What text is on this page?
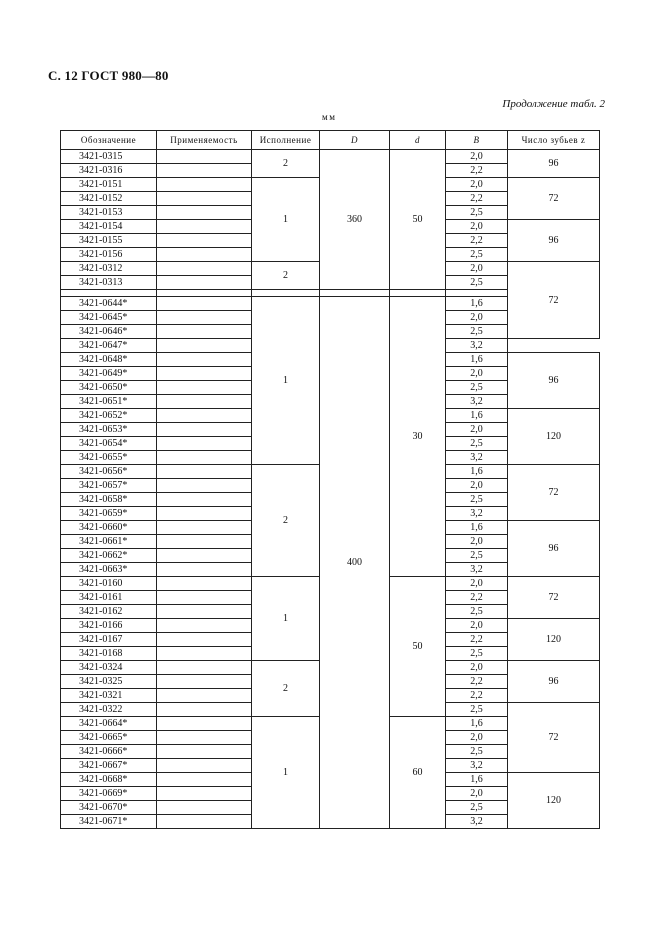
С. 12 ГОСТ 980—80
Продолжение табл. 2
мм
Обозначение	Применяемость	Исполнение	D	d	B	Число зубьев z
3421-0315		2	360	50	2,0	96
3421-0316					2,2	
3421-0151		1			2,0	72
3421-0152					2,2	
3421-0153					2,5	
3421-0154					2,0	96
3421-0155					2,2	
3421-0156					2,5	
3421-0312		2			2,0	72
3421-0313					2,5	

3421-0644*		1	400	30	1,6	
3421-0645*					2,0	
3421-0646*					2,5	
3421-0647*					3,2	
3421-0648*					1,6	96
3421-0649*					2,0	
3421-0650*					2,5	
3421-0651*					3,2	
3421-0652*					1,6	120
3421-0653*					2,0	
3421-0654*					2,5	
3421-0655*					3,2	
3421-0656*		2			1,6	72
3421-0657*					2,0	
3421-0658*					2,5	
3421-0659*					3,2	
3421-0660*					1,6	96
3421-0661*					2,0	
3421-0662*					2,5	
3421-0663*					3,2	
3421-0160		1		50	2,0	72
3421-0161					2,2	
3421-0162					2,5	
3421-0166					2,0	120
3421-0167					2,2	
3421-0168					2,5	
3421-0324		2			2,0	96
3421-0325					2,2	
3421-0321					2,2	
3421-0322					2,5	72
3421-0664*		1		60	1,6	
3421-0665*					2,0	
3421-0666*					2,5	
3421-0667*					3,2	
3421-0668*					1,6	120
3421-0669*					2,0	
3421-0670*					2,5	
3421-0671*					3,2	
